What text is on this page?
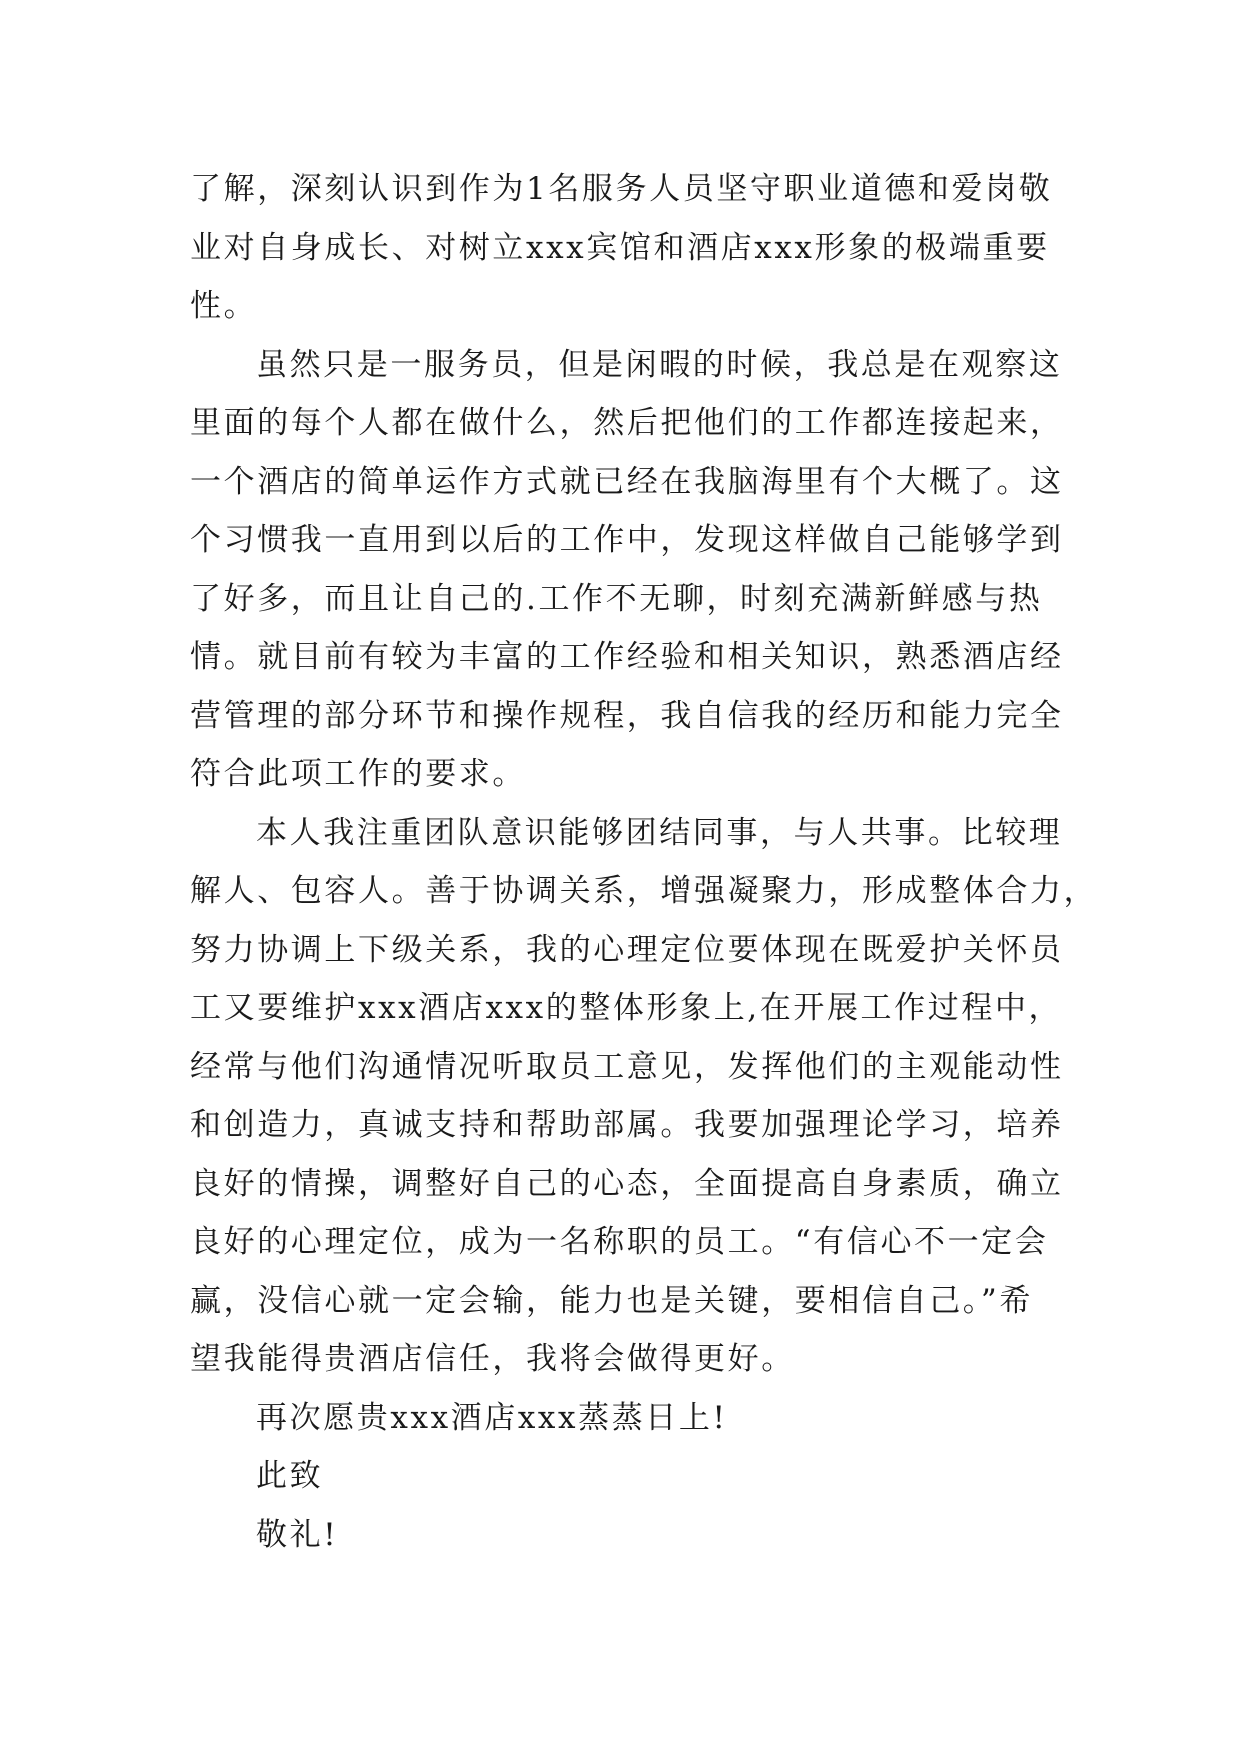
了解，深刻认识到作为1名服务人员坚守职业道德和爱岗敬
业对自身成长、对树立xxx宾馆和酒店xxx形象的极端重要
性。

虽然只是一服务员，但是闲暇的时候，我总是在观察这
里面的每个人都在做什么，然后把他们的工作都连接起来，
一个酒店的简单运作方式就已经在我脑海里有个大概了。这
个习惯我一直用到以后的工作中，发现这样做自己能够学到
了好多，而且让自己的.工作不无聊，时刻充满新鲜感与热
情。就目前有较为丰富的工作经验和相关知识，熟悉酒店经
营管理的部分环节和操作规程，我自信我的经历和能力完全
符合此项工作的要求。

本人我注重团队意识能够团结同事，与人共事。比较理
解人、包容人。善于协调关系，增强凝聚力，形成整体合力，
努力协调上下级关系，我的心理定位要体现在既爱护关怀员
工又要维护xxx酒店xxx的整体形象上,在开展工作过程中，
经常与他们沟通情况听取员工意见，发挥他们的主观能动性
和创造力，真诚支持和帮助部属。我要加强理论学习，培养
良好的情操，调整好自己的心态，全面提高自身素质，确立
良好的心理定位，成为一名称职的员工。“有信心不一定会
赢，没信心就一定会输，能力也是关键，要相信自己。”希
望我能得贵酒店信任，我将会做得更好。

再次愿贵xxx酒店xxx蒸蒸日上!

此致

敬礼!
